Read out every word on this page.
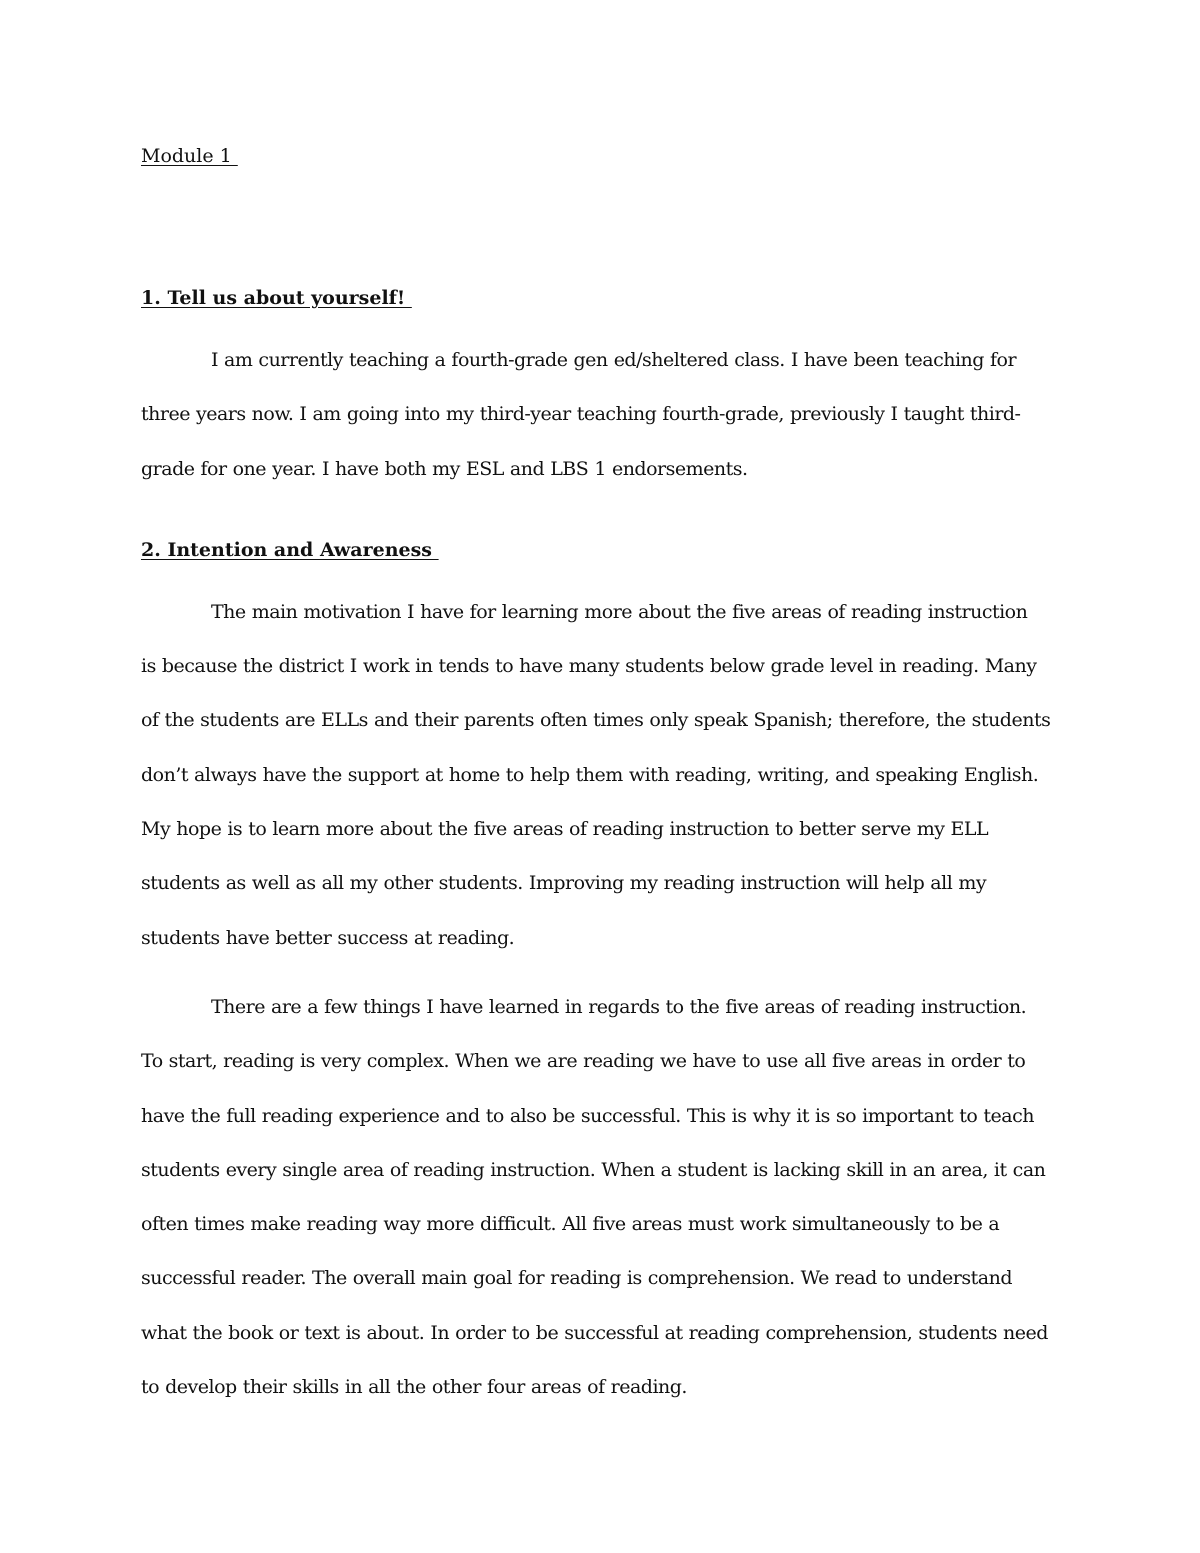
Module 1
1. Tell us about yourself!

I am currently teaching a fourth-grade gen ed/sheltered class. I have been teaching for
three years now. I am going into my third-year teaching fourth-grade, previously I taught third-
grade for one year. I have both my ESL and LBS 1 endorsements.

2. Intention and Awareness

The main motivation I have for learning more about the five areas of reading instruction
is because the district I work in tends to have many students below grade level in reading. Many
of the students are ELLs and their parents often times only speak Spanish; therefore, the students
don’t always have the support at home to help them with reading, writing, and speaking English.
My hope is to learn more about the five areas of reading instruction to better serve my ELL
students as well as all my other students. Improving my reading instruction will help all my
students have better success at reading.

There are a few things I have learned in regards to the five areas of reading instruction.
To start, reading is very complex. When we are reading we have to use all five areas in order to
have the full reading experience and to also be successful. This is why it is so important to teach
students every single area of reading instruction. When a student is lacking skill in an area, it can
often times make reading way more difficult. All five areas must work simultaneously to be a
successful reader. The overall main goal for reading is comprehension. We read to understand
what the book or text is about. In order to be successful at reading comprehension, students need
to develop their skills in all the other four areas of reading.
